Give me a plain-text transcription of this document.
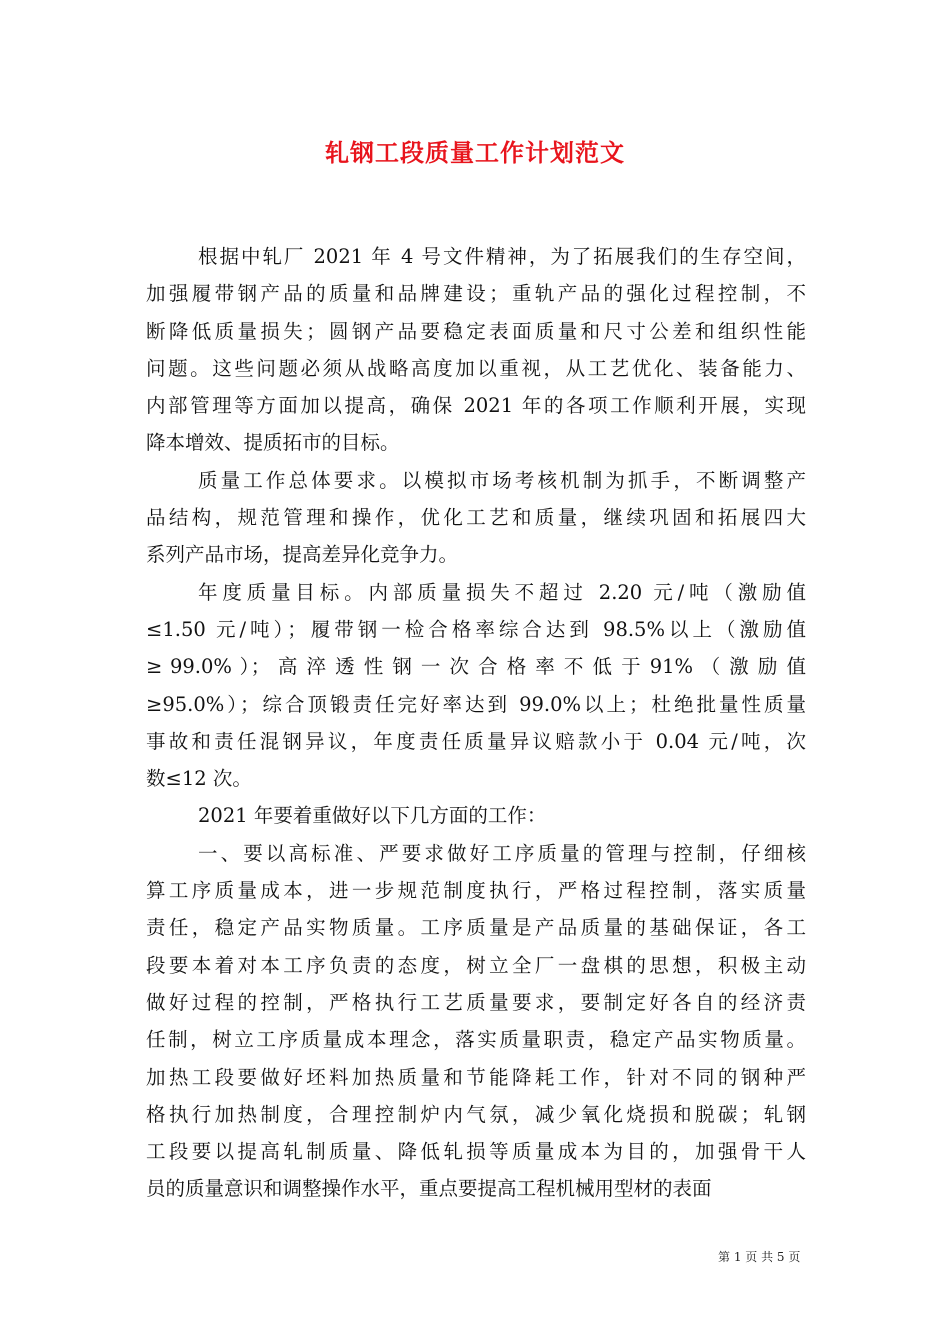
轧钢工段质量工作计划范文
根据中轧厂 2021 年 4 号文件精神，为了拓展我们的生存空间，
加强履带钢产品的质量和品牌建设；重轨产品的强化过程控制，不
断降低质量损失；圆钢产品要稳定表面质量和尺寸公差和组织性能
问题。这些问题必须从战略高度加以重视，从工艺优化、装备能力、
内部管理等方面加以提高，确保 2021 年的各项工作顺利开展，实现
降本增效、提质拓市的目标。
质量工作总体要求。以模拟市场考核机制为抓手，不断调整产
品结构，规范管理和操作，优化工艺和质量，继续巩固和拓展四大
系列产品市场，提高差异化竞争力。
年度质量目标。内部质量损失不超过 2.20 元/吨（激励值
≤1.50 元/吨）；履带钢一检合格率综合达到 98.5%以上（激励值
≥ 99.0% ）； 高 淬 透 性 钢 一 次 合 格 率 不 低 于 91% （ 激 励 值
≥95.0%）；综合顶锻责任完好率达到 99.0%以上；杜绝批量性质量
事故和责任混钢异议，年度责任质量异议赔款小于 0.04 元/吨，次
数≤12 次。
2021 年要着重做好以下几方面的工作：
一、要以高标准、严要求做好工序质量的管理与控制，仔细核
算工序质量成本，进一步规范制度执行，严格过程控制，落实质量
责任，稳定产品实物质量。工序质量是产品质量的基础保证，各工
段要本着对本工序负责的态度，树立全厂一盘棋的思想，积极主动
做好过程的控制，严格执行工艺质量要求，要制定好各自的经济责
任制，树立工序质量成本理念，落实质量职责，稳定产品实物质量。
加热工段要做好坯料加热质量和节能降耗工作，针对不同的钢种严
格执行加热制度，合理控制炉内气氛，减少氧化烧损和脱碳；轧钢
工段要以提高轧制质量、降低轧损等质量成本为目的，加强骨干人
员的质量意识和调整操作水平，重点要提高工程机械用型材的表面
第 1 页 共 5 页
